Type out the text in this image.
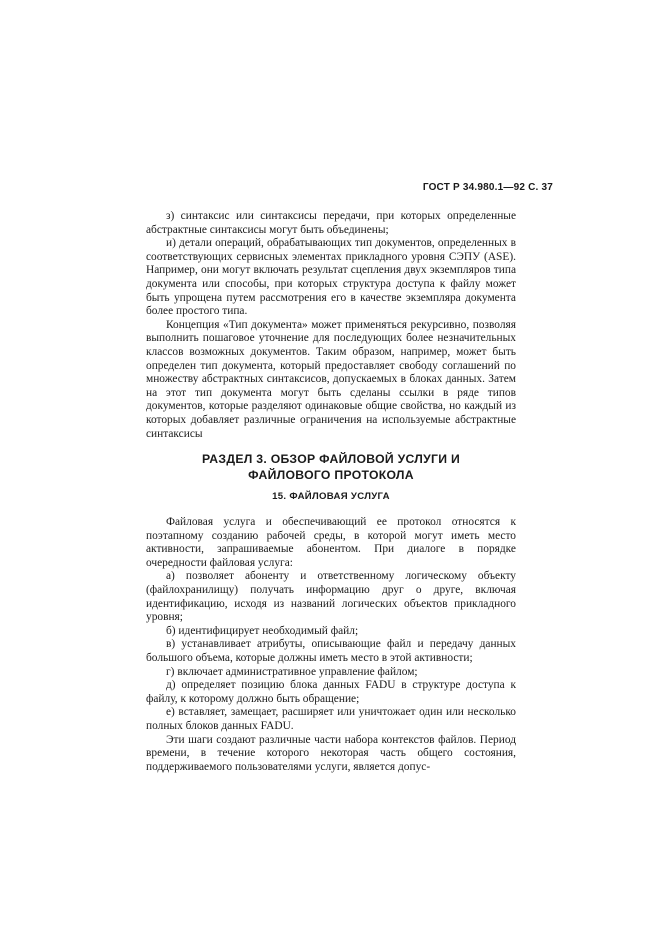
ГОСТ Р 34.980.1—92 С. 37

з) синтаксис или синтаксисы передачи, при которых определенные абстрактные синтаксисы могут быть объединены;

и) детали операций, обрабатывающих тип документов, определенных в соответствующих сервисных элементах прикладного уровня СЭПУ (ASE). Например, они могут включать результат сцепления двух экземпляров типа документа или способы, при которых структура доступа к файлу может быть упрощена путем рассмотрения его в качестве экземпляра документа более простого типа.

Концепция «Тип документа» может применяться рекурсивно, позволяя выполнить пошаговое уточнение для последующих более незначительных классов возможных документов. Таким образом, например, может быть определен тип документа, который предоставляет свободу соглашений по множеству абстрактных синтаксисов, допускаемых в блоках данных. Затем на этот тип документа могут быть сделаны ссылки в ряде типов документов, которые разделяют одинаковые общие свойства, но каждый из которых добавляет различные ограничения на используемые абстрактные синтаксисы

РАЗДЕЛ 3. ОБЗОР ФАЙЛОВОЙ УСЛУГИ И
ФАЙЛОВОГО ПРОТОКОЛА
15. ФАЙЛОВАЯ УСЛУГА

Файловая услуга и обеспечивающий ее протокол относятся к поэтапному созданию рабочей среды, в которой могут иметь место активности, запрашиваемые абонентом. При диалоге в порядке очередности файловая услуга:

а) позволяет абоненту и ответственному логическому объекту (файлохранилищу) получать информацию друг о друге, включая идентификацию, исходя из названий логических объектов прикладного уровня;

б) идентифицирует необходимый файл;

в) устанавливает атрибуты, описывающие файл и передачу данных большого объема, которые должны иметь место в этой активности;

г) включает административное управление файлом;

д) определяет позицию блока данных FADU в структуре доступа к файлу, к которому должно быть обращение;

е) вставляет, замещает, расширяет или уничтожает один или несколько полных блоков данных FADU.

Эти шаги создают различные части набора контекстов файлов. Период времени, в течение которого некоторая часть общего состояния, поддерживаемого пользователями услуги, является допус-
